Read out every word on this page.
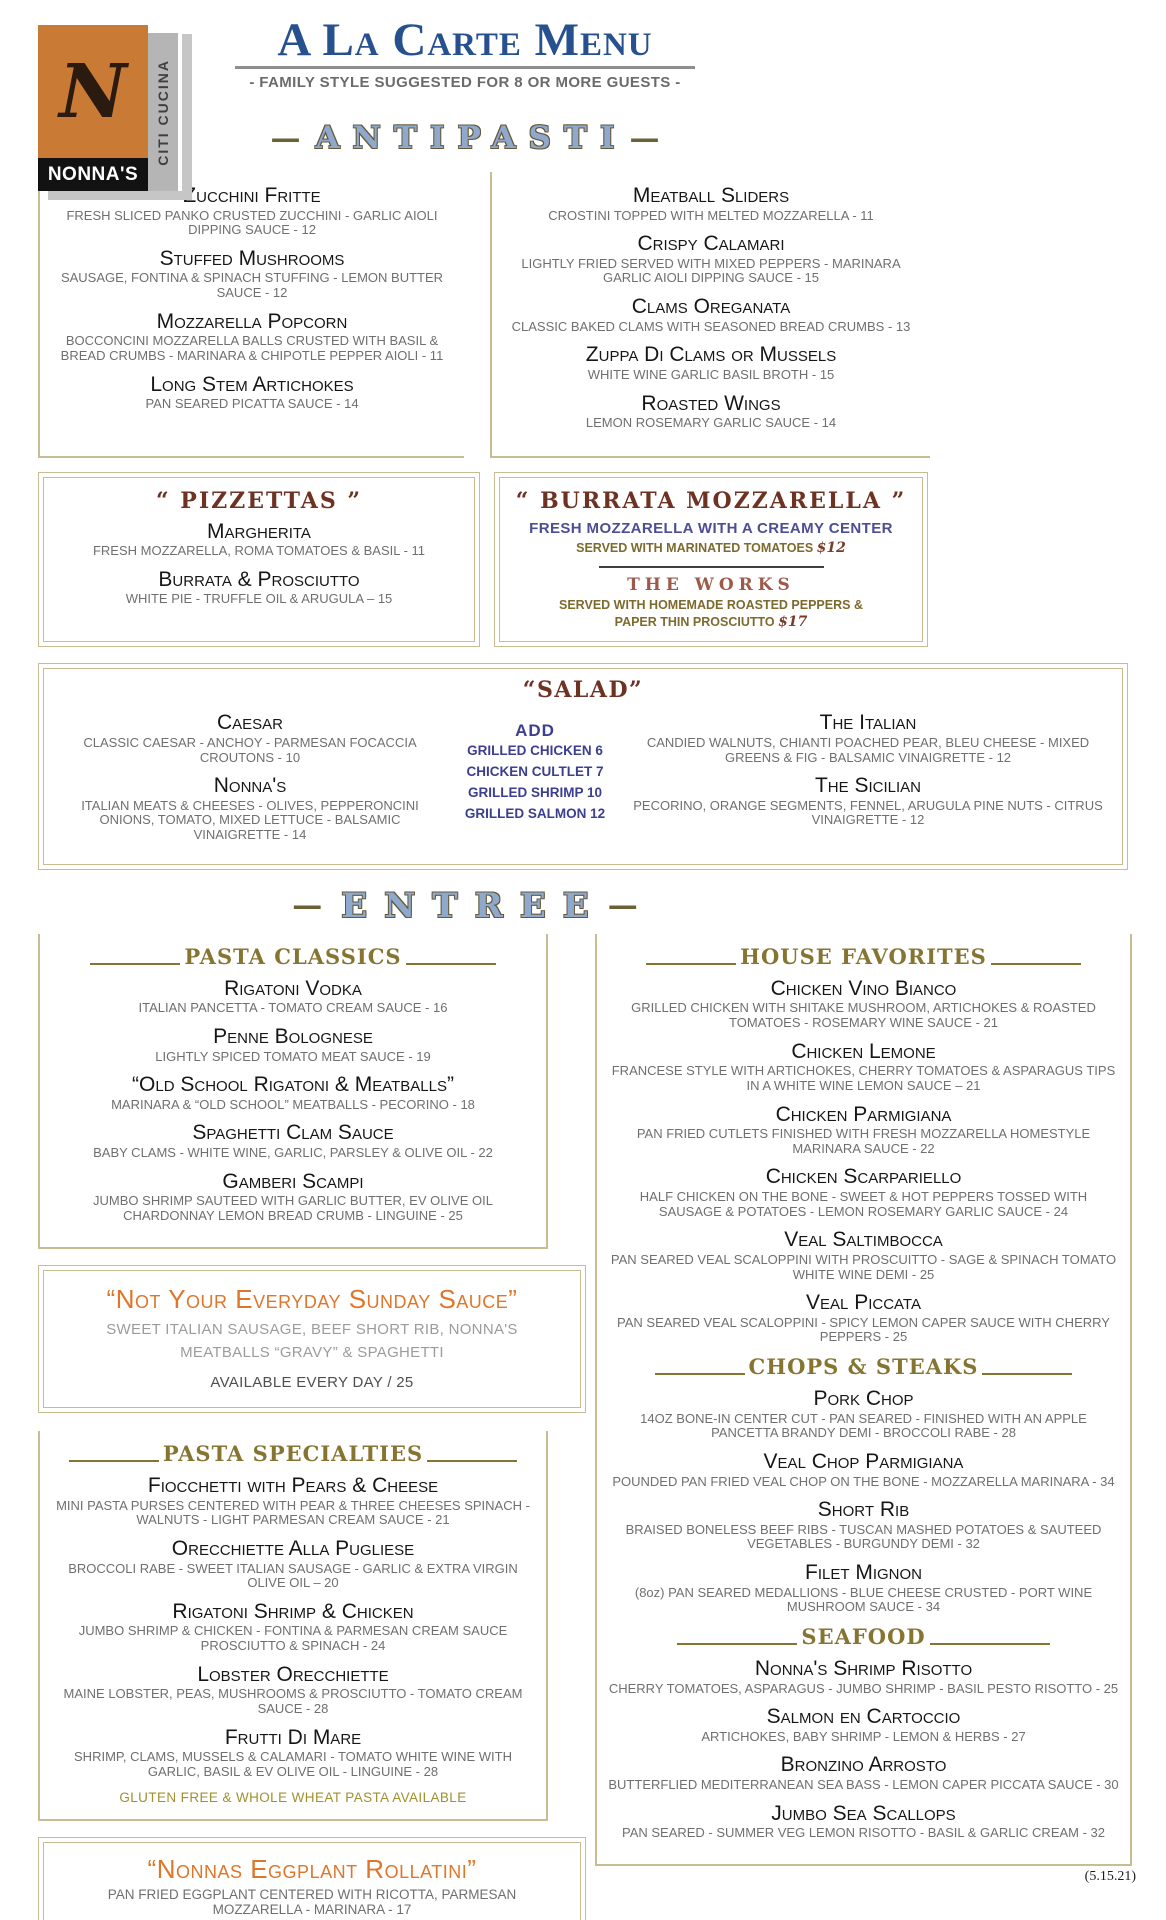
N CITI CUCINA
NONNA'S
A La Carte Menu
- FAMILY STYLE SUGGESTED FOR 8 OR MORE GUESTS -
— ANTIPASTI —
Zucchini Fritte
FRESH SLICED PANKO CRUSTED ZUCCHINI - GARLIC AIOLI DIPPING SAUCE - 12
Stuffed Mushrooms
SAUSAGE, FONTINA & SPINACH STUFFING - LEMON BUTTER SAUCE - 12
Mozzarella Popcorn
BOCCONCINI MOZZARELLA BALLS CRUSTED WITH BASIL & BREAD CRUMBS - MARINARA & CHIPOTLE PEPPER AIOLI - 11
Long Stem Artichokes
PAN SEARED PICATTA SAUCE - 14
Meatball Sliders
CROSTINI TOPPED WITH MELTED MOZZARELLA - 11
Crispy Calamari
LIGHTLY FRIED SERVED WITH MIXED PEPPERS - MARINARA GARLIC AIOLI DIPPING SAUCE - 15
Clams Oreganata
CLASSIC BAKED CLAMS WITH SEASONED BREAD CRUMBS - 13
Zuppa Di Clams or Mussels
WHITE WINE GARLIC BASIL BROTH - 15
Roasted Wings
LEMON ROSEMARY GARLIC SAUCE - 14
“ PIZZETTAS ”
Margherita
FRESH MOZZARELLA, ROMA TOMATOES & BASIL - 11
Burrata & Prosciutto
WHITE PIE - TRUFFLE OIL & ARUGULA – 15
“ BURRATA MOZZARELLA ”
FRESH MOZZARELLA WITH A CREAMY CENTER
SERVED WITH MARINATED TOMATOES $12
THE WORKS
SERVED WITH HOMEMADE ROASTED PEPPERS & PAPER THIN PROSCIUTTO $17
“SALAD”
Caesar
CLASSIC CAESAR - ANCHOY - PARMESAN FOCACCIA CROUTONS - 10
Nonna's
ITALIAN MEATS & CHEESES - OLIVES, PEPPERONCINI ONIONS, TOMATO, MIXED LETTUCE - BALSAMIC VINAIGRETTE - 14
ADD
GRILLED CHICKEN 6
CHICKEN CULTLET 7
GRILLED SHRIMP 10
GRILLED SALMON 12
The Italian
CANDIED WALNUTS, CHIANTI POACHED PEAR, BLEU CHEESE - MIXED GREENS & FIG - BALSAMIC VINAIGRETTE - 12
The Sicilian
PECORINO, ORANGE SEGMENTS, FENNEL, ARUGULA PINE NUTS - CITRUS VINAIGRETTE - 12
— ENTREE —
PASTA CLASSICS
Rigatoni Vodka
ITALIAN PANCETTA - TOMATO CREAM SAUCE - 16
Penne Bolognese
LIGHTLY SPICED TOMATO MEAT SAUCE - 19
“Old School Rigatoni & Meatballs”
MARINARA & “OLD SCHOOL” MEATBALLS - PECORINO - 18
Spaghetti Clam Sauce
BABY CLAMS - WHITE WINE, GARLIC, PARSLEY & OLIVE OIL - 22
Gamberi Scampi
JUMBO SHRIMP SAUTEED WITH GARLIC BUTTER, EV OLIVE OIL CHARDONNAY LEMON BREAD CRUMB - LINGUINE - 25
“Not Your Everyday Sunday Sauce”
SWEET ITALIAN SAUSAGE, BEEF SHORT RIB, NONNA'S MEATBALLS “GRAVY” & SPAGHETTI
AVAILABLE EVERY DAY / 25
PASTA SPECIALTIES
Fiocchetti with Pears & Cheese
MINI PASTA PURSES CENTERED WITH PEAR & THREE CHEESES SPINACH - WALNUTS - LIGHT PARMESAN CREAM SAUCE - 21
Orecchiette Alla Pugliese
BROCCOLI RABE - SWEET ITALIAN SAUSAGE - GARLIC & EXTRA VIRGIN OLIVE OIL – 20
Rigatoni Shrimp & Chicken
JUMBO SHRIMP & CHICKEN - FONTINA & PARMESAN CREAM SAUCE PROSCIUTTO & SPINACH - 24
Lobster Orecchiette
MAINE LOBSTER, PEAS, MUSHROOMS & PROSCIUTTO - TOMATO CREAM SAUCE - 28
Frutti Di Mare
SHRIMP, CLAMS, MUSSELS & CALAMARI - TOMATO WHITE WINE WITH GARLIC, BASIL & EV OLIVE OIL - LINGUINE - 28
GLUTEN FREE & WHOLE WHEAT PASTA AVAILABLE
“Nonnas Eggplant Rollatini”
PAN FRIED EGGPLANT CENTERED WITH RICOTTA, PARMESAN MOZZARELLA - MARINARA - 17
HOUSE FAVORITES
Chicken Vino Bianco
GRILLED CHICKEN WITH SHITAKE MUSHROOM, ARTICHOKES & ROASTED TOMATOES - ROSEMARY WINE SAUCE - 21
Chicken Lemone
FRANCESE STYLE WITH ARTICHOKES, CHERRY TOMATOES & ASPARAGUS TIPS IN A WHITE WINE LEMON SAUCE – 21
Chicken Parmigiana
PAN FRIED CUTLETS FINISHED WITH FRESH MOZZARELLA HOMESTYLE MARINARA SAUCE - 22
Chicken Scarpariello
HALF CHICKEN ON THE BONE - SWEET & HOT PEPPERS TOSSED WITH SAUSAGE & POTATOES - LEMON ROSEMARY GARLIC SAUCE - 24
Veal Saltimbocca
PAN SEARED VEAL SCALOPPINI WITH PROSCUITTO - SAGE & SPINACH TOMATO WHITE WINE DEMI - 25
Veal Piccata
PAN SEARED VEAL SCALOPPINI - SPICY LEMON CAPER SAUCE WITH CHERRY PEPPERS - 25
CHOPS & STEAKS
Pork Chop
14OZ BONE-IN CENTER CUT - PAN SEARED - FINISHED WITH AN APPLE PANCETTA BRANDY DEMI - BROCCOLI RABE - 28
Veal Chop Parmigiana
POUNDED PAN FRIED VEAL CHOP ON THE BONE - MOZZARELLA MARINARA - 34
Short Rib
BRAISED BONELESS BEEF RIBS - TUSCAN MASHED POTATOES & SAUTEED VEGETABLES - BURGUNDY DEMI - 32
Filet Mignon
(8oz) PAN SEARED MEDALLIONS - BLUE CHEESE CRUSTED - PORT WINE MUSHROOM SAUCE - 34
SEAFOOD
Nonna's Shrimp Risotto
CHERRY TOMATOES, ASPARAGUS - JUMBO SHRIMP - BASIL PESTO RISOTTO - 25
Salmon en Cartoccio
ARTICHOKES, BABY SHRIMP - LEMON & HERBS - 27
Bronzino Arrosto
BUTTERFLIED MEDITERRANEAN SEA BASS - LEMON CAPER PICCATA SAUCE - 30
Jumbo Sea Scallops
PAN SEARED - SUMMER VEG LEMON RISOTTO - BASIL & GARLIC CREAM - 32
(5.15.21)
